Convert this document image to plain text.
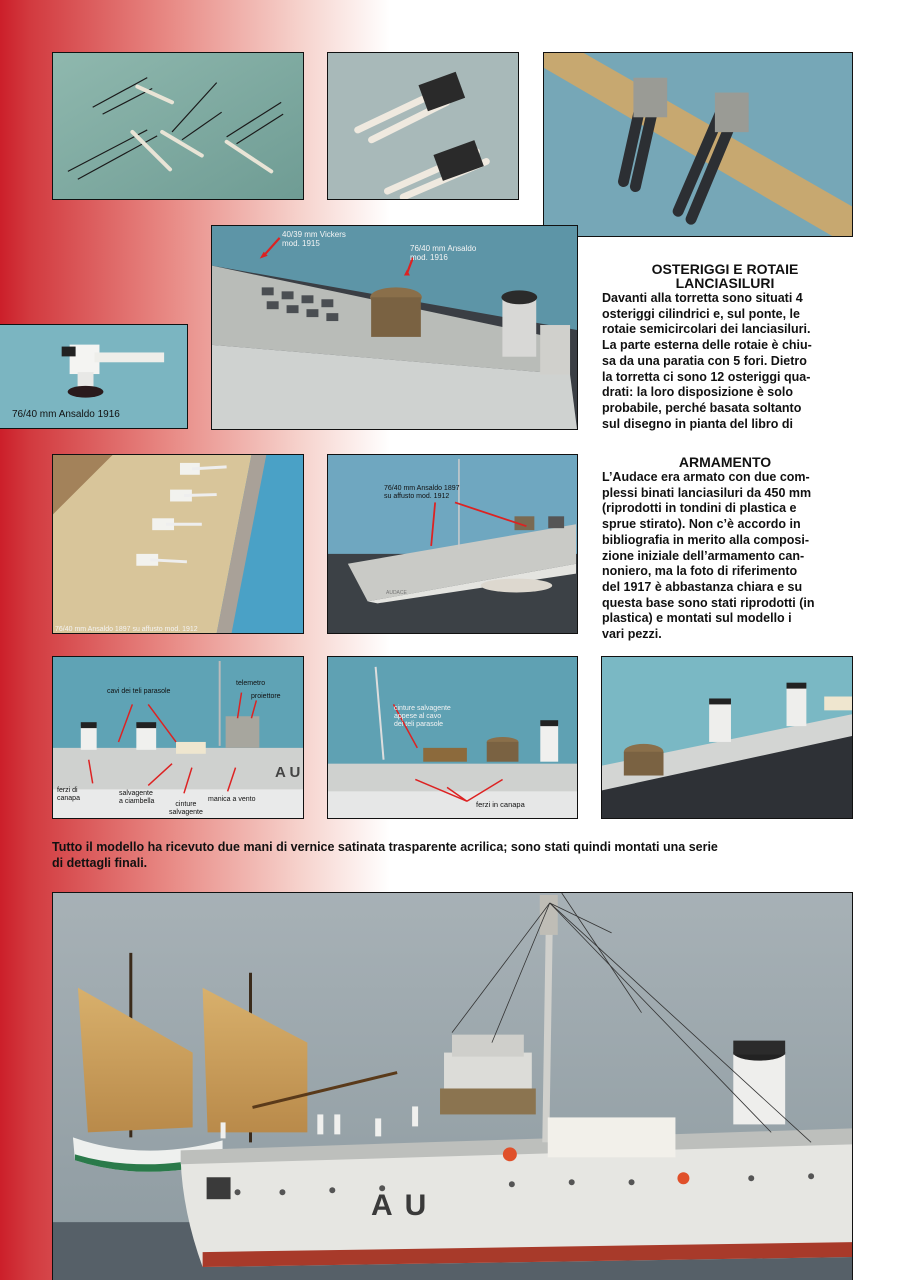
76/40 mm Ansaldo 1916
40/39 mm Vickers
mod. 1915
76/40 mm Ansaldo
mod. 1916
OSTERIGGI E ROTAIE
LANCIASILURI
Davanti alla torretta sono situati 4
osteriggi cilindrici e, sul ponte, le
rotaie semicircolari dei lanciasiluri.
La parte esterna delle rotaie è chiu-
sa da una paratia con 5 fori. Dietro
la torretta ci sono 12 osteriggi qua-
drati: la loro disposizione è solo
probabile, perché basata soltanto
sul disegno in pianta del libro di
76/40 mm Ansaldo 1897 su affusto mod. 1912
76/40 mm Ansaldo 1897
su affusto mod. 1912
AUDACE
ARMAMENTO
L’Audace era armato con due com-
plessi binati lanciasiluri da 450 mm
(riprodotti in tondini di plastica e
sprue stirato). Non c’è accordo in
bibliografia in merito alla composi-
zione iniziale dell’armamento can-
noniero, ma la foto di riferimento
del 1917 è abbastanza chiara e su
questa base sono stati riprodotti (in
plastica) e montati sul modello i
vari pezzi.
telemetro
cavi dei teli parasole
proiettore
A U
ferzi di
canapa
salvagente
a ciambella	cinture
salvagente
manica a vento
cinture salvagente
appese al cavo
dei teli parasole
ferzi in canapa
Tutto il modello ha ricevuto due mani di vernice satinata trasparente acrilica; sono stati quindi montati una serie
di dettagli finali.
AU
